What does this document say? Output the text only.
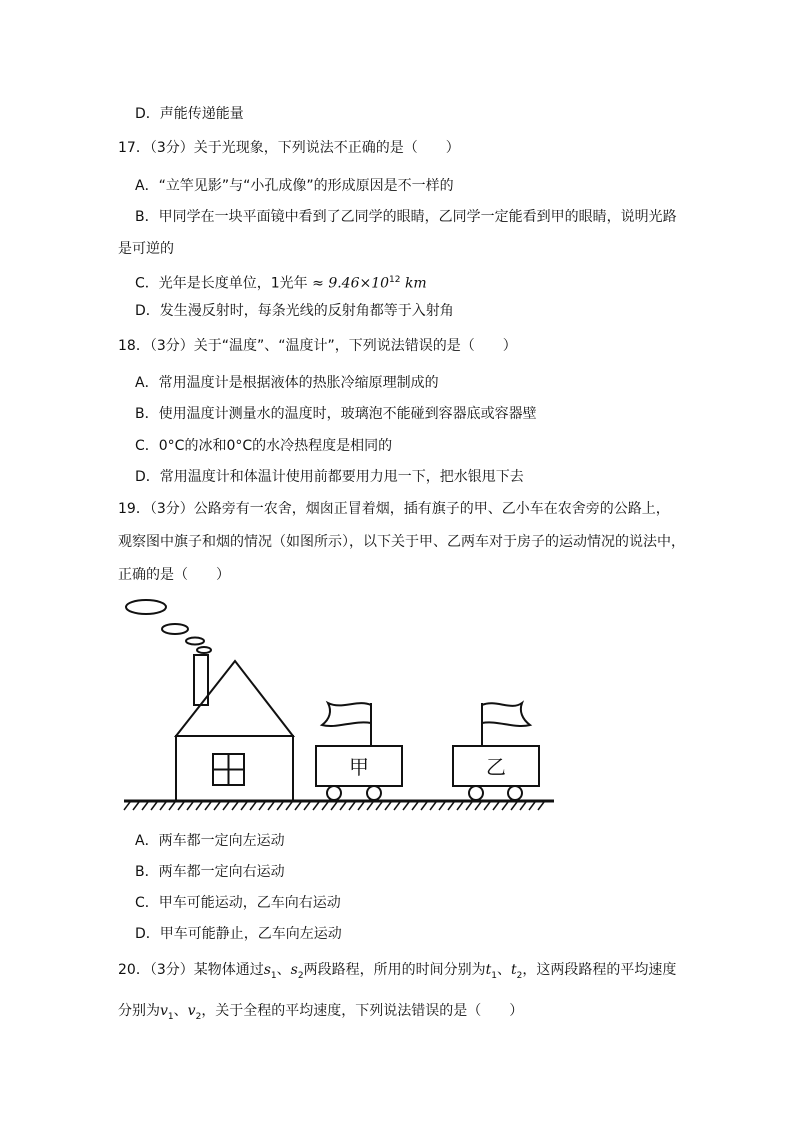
D．声能传递能量
17．（3分）关于光现象，下列说法不正确的是（　　）
A．“立竿见影”与“小孔成像”的形成原因是不一样的
B．甲同学在一块平面镜中看到了乙同学的眼睛，乙同学一定能看到甲的眼睛，说明光路
是可逆的
C．光年是长度单位，1光年 ≈ $9.46\times 10^{12}$ km
D．发生漫反射时，每条光线的反射角都等于入射角
18．（3分）关于“温度”、“温度计”，下列说法错误的是（　　）
A．常用温度计是根据液体的热胀冷缩原理制成的
B．使用温度计测量水的温度时，玻璃泡不能碰到容器底或容器壁
C．0°C的冰和0°C的水冷热程度是相同的
D．常用温度计和体温计使用前都要用力甩一下，把水银甩下去
19．（3分）公路旁有一农舍，烟囱正冒着烟，插有旗子的甲、乙小车在农舍旁的公路上，
观察图中旗子和烟的情况（如图所示），以下关于甲、乙两车对于房子的运动情况的说法中，
正确的是（　　）
甲	乙
A．两车都一定向左运动
B．两车都一定向右运动
C．甲车可能运动，乙车向右运动
D．甲车可能静止，乙车向左运动
20．（3分）某物体通过$s_1$、$s_2$两段路程，所用的时间分别为$t_1$、$t_2$，这两段路程的平均速度
分别为$v_1$、$v_2$，关于全程的平均速度，下列说法错误的是（　　）
